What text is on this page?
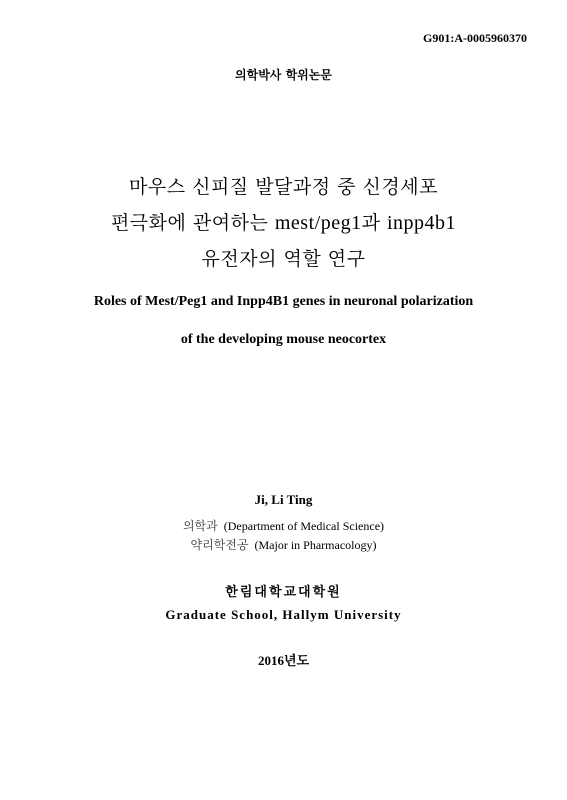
G901:A-0005960370
의학박사 학위논문
마우스 신피질 발달과정 중 신경세포
편극화에 관여하는 mest/peg1과 inpp4b1
유전자의 역할 연구
Roles of Mest/Peg1 and Inpp4B1 genes in neuronal polarization
of the developing mouse neocortex
Ji, Li Ting
의학과 (Department of Medical Science)
약리학전공 (Major in Pharmacology)
한림대학교대학원
Graduate School, Hallym University
2016년도
